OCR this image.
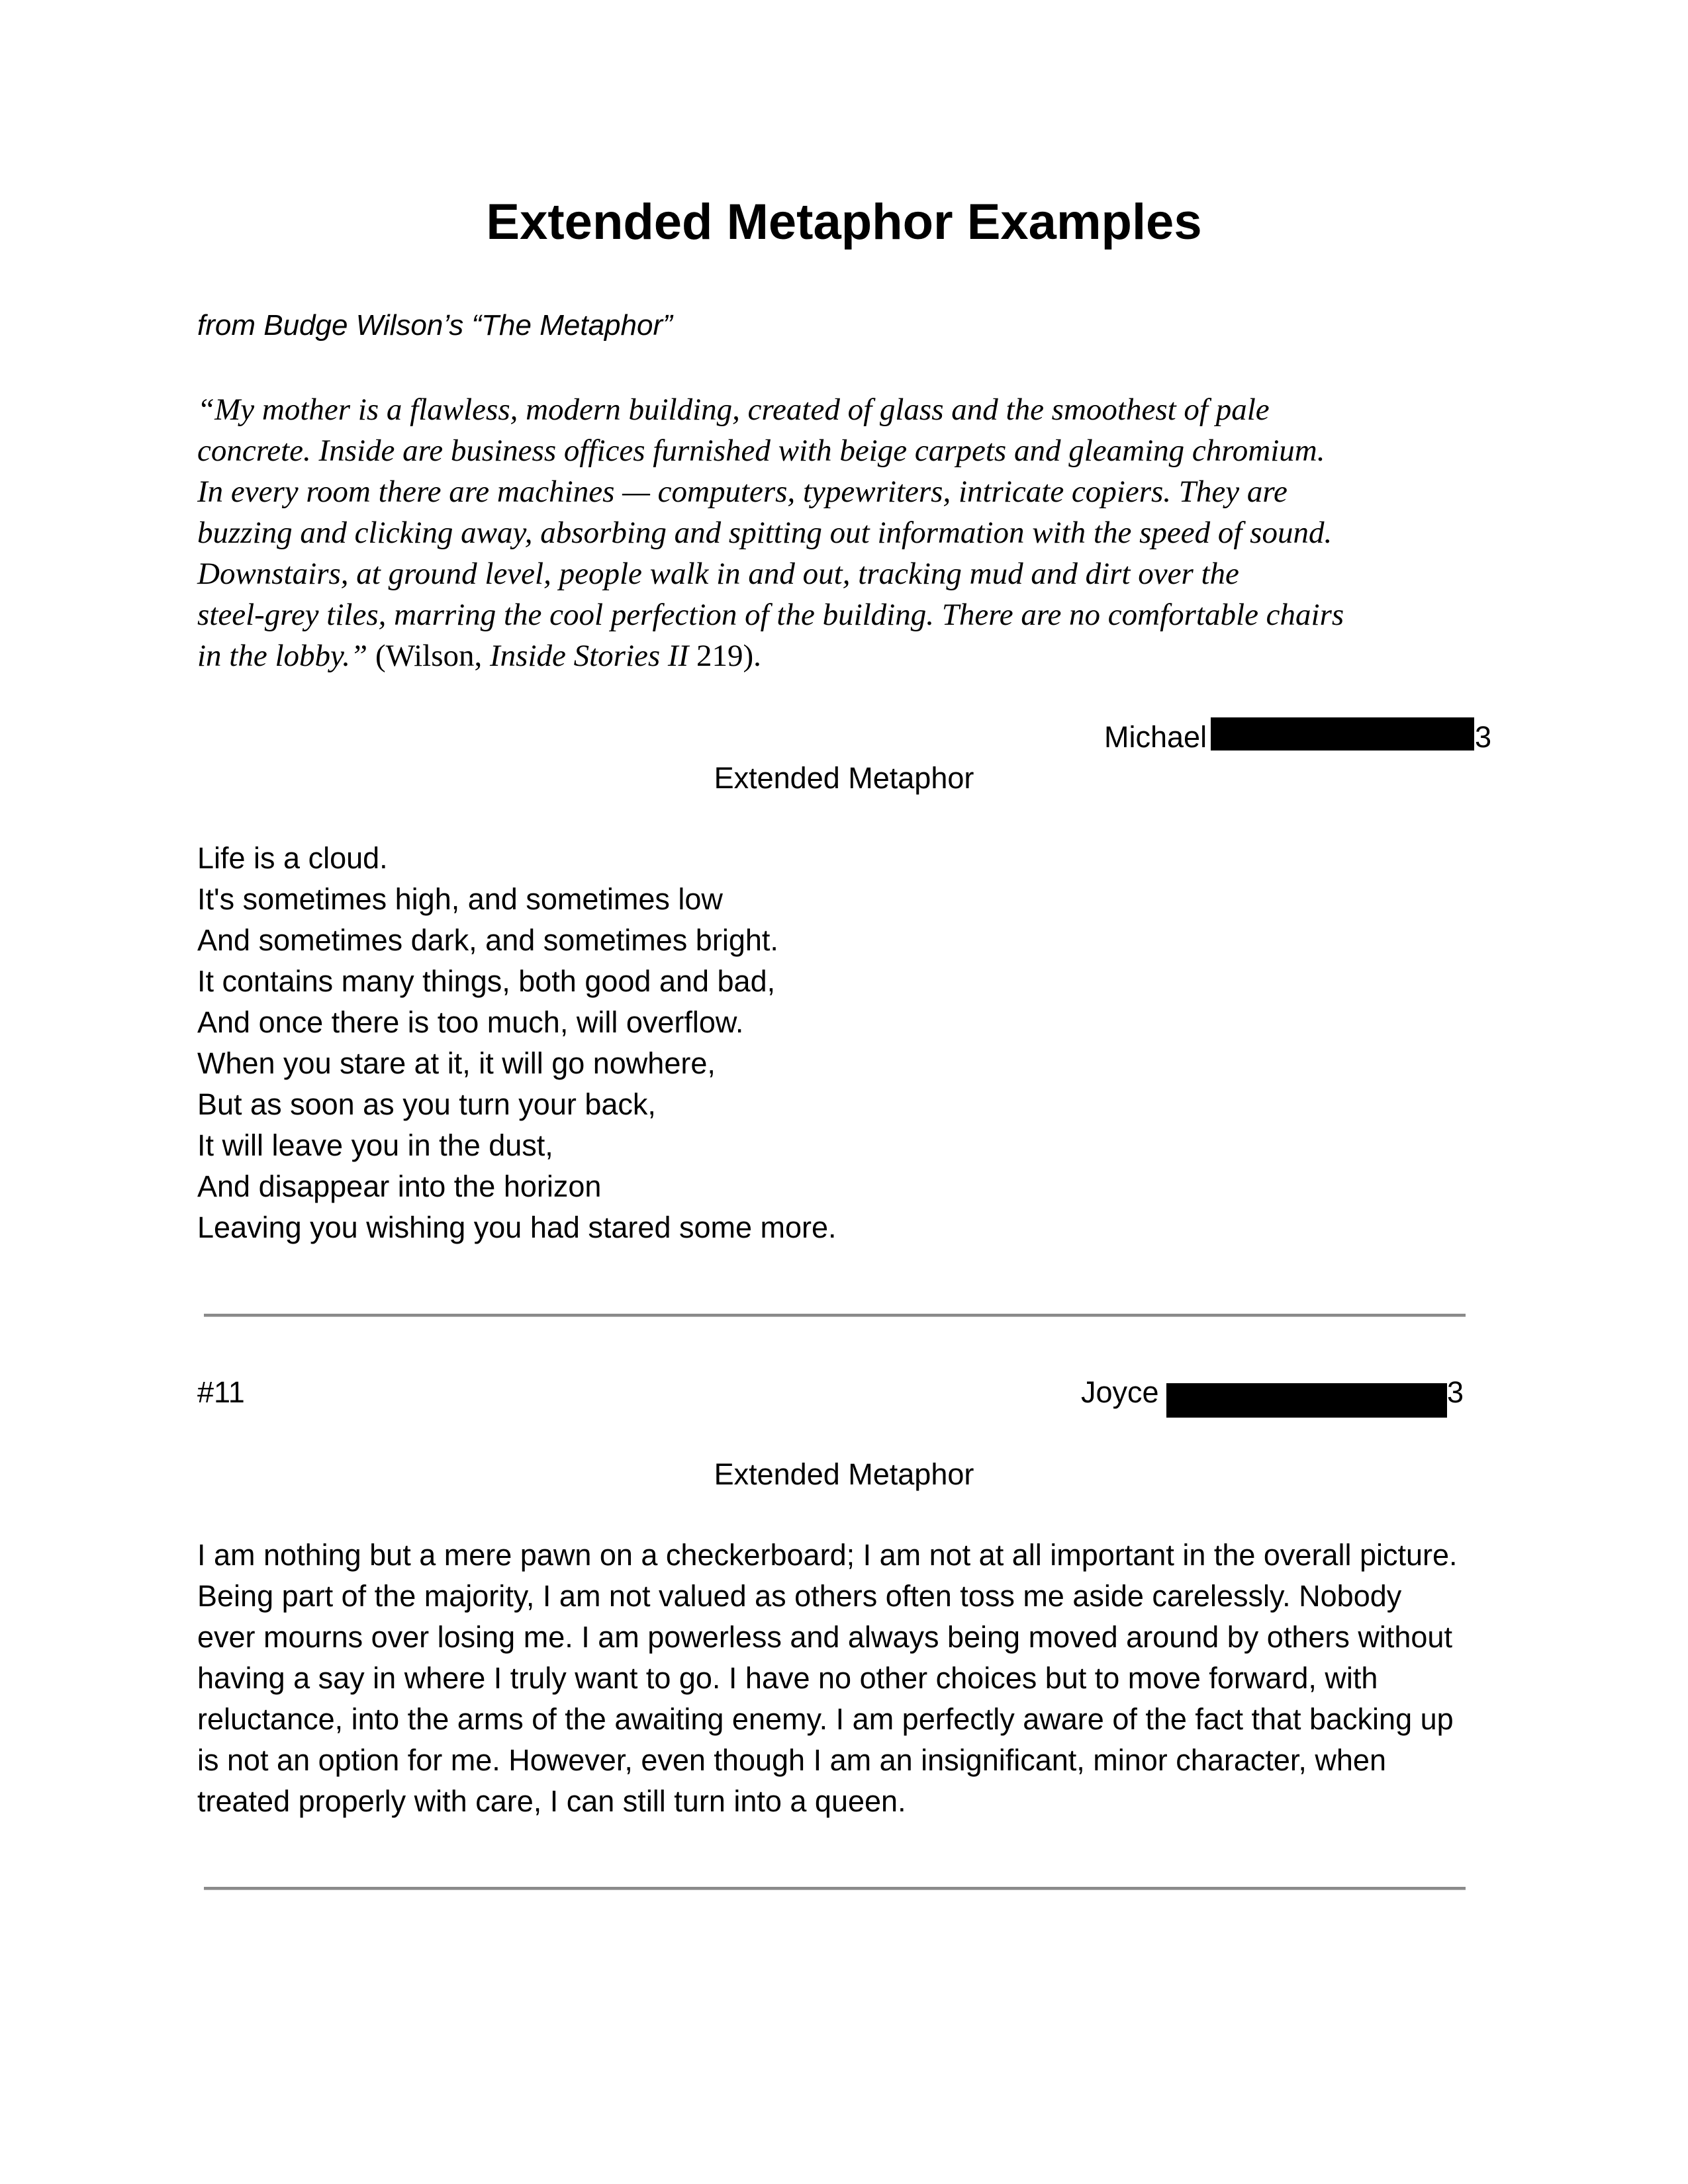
Extended Metaphor Examples
from Budge Wilson’s “The Metaphor”
“My mother is a flawless, modern building, created of glass and the smoothest of pale
concrete. Inside are business offices furnished with beige carpets and gleaming chromium.
In every room there are machines — computers, typewriters, intricate copiers. They are
buzzing and clicking away, absorbing and spitting out information with the speed of sound.
Downstairs, at ground level, people walk in and out, tracking mud and dirt over the
steel-grey tiles, marring the cool perfection of the building. There are no comfortable chairs
in the lobby.” (Wilson, Inside Stories II 219).
Michael	3
Extended Metaphor
Life is a cloud.
It's sometimes high, and sometimes low
And sometimes dark, and sometimes bright.
It contains many things, both good and bad,
And once there is too much, will overflow.
When you stare at it, it will go nowhere,
But as soon as you turn your back,
It will leave you in the dust,
And disappear into the horizon
Leaving you wishing you had stared some more.
#11	Joyce	3
Extended Metaphor
I am nothing but a mere pawn on a checkerboard; I am not at all important in the overall picture.
Being part of the majority, I am not valued as others often toss me aside carelessly. Nobody
ever mourns over losing me. I am powerless and always being moved around by others without
having a say in where I truly want to go. I have no other choices but to move forward, with
reluctance, into the arms of the awaiting enemy. I am perfectly aware of the fact that backing up
is not an option for me. However, even though I am an insignificant, minor character, when
treated properly with care, I can still turn into a queen.
